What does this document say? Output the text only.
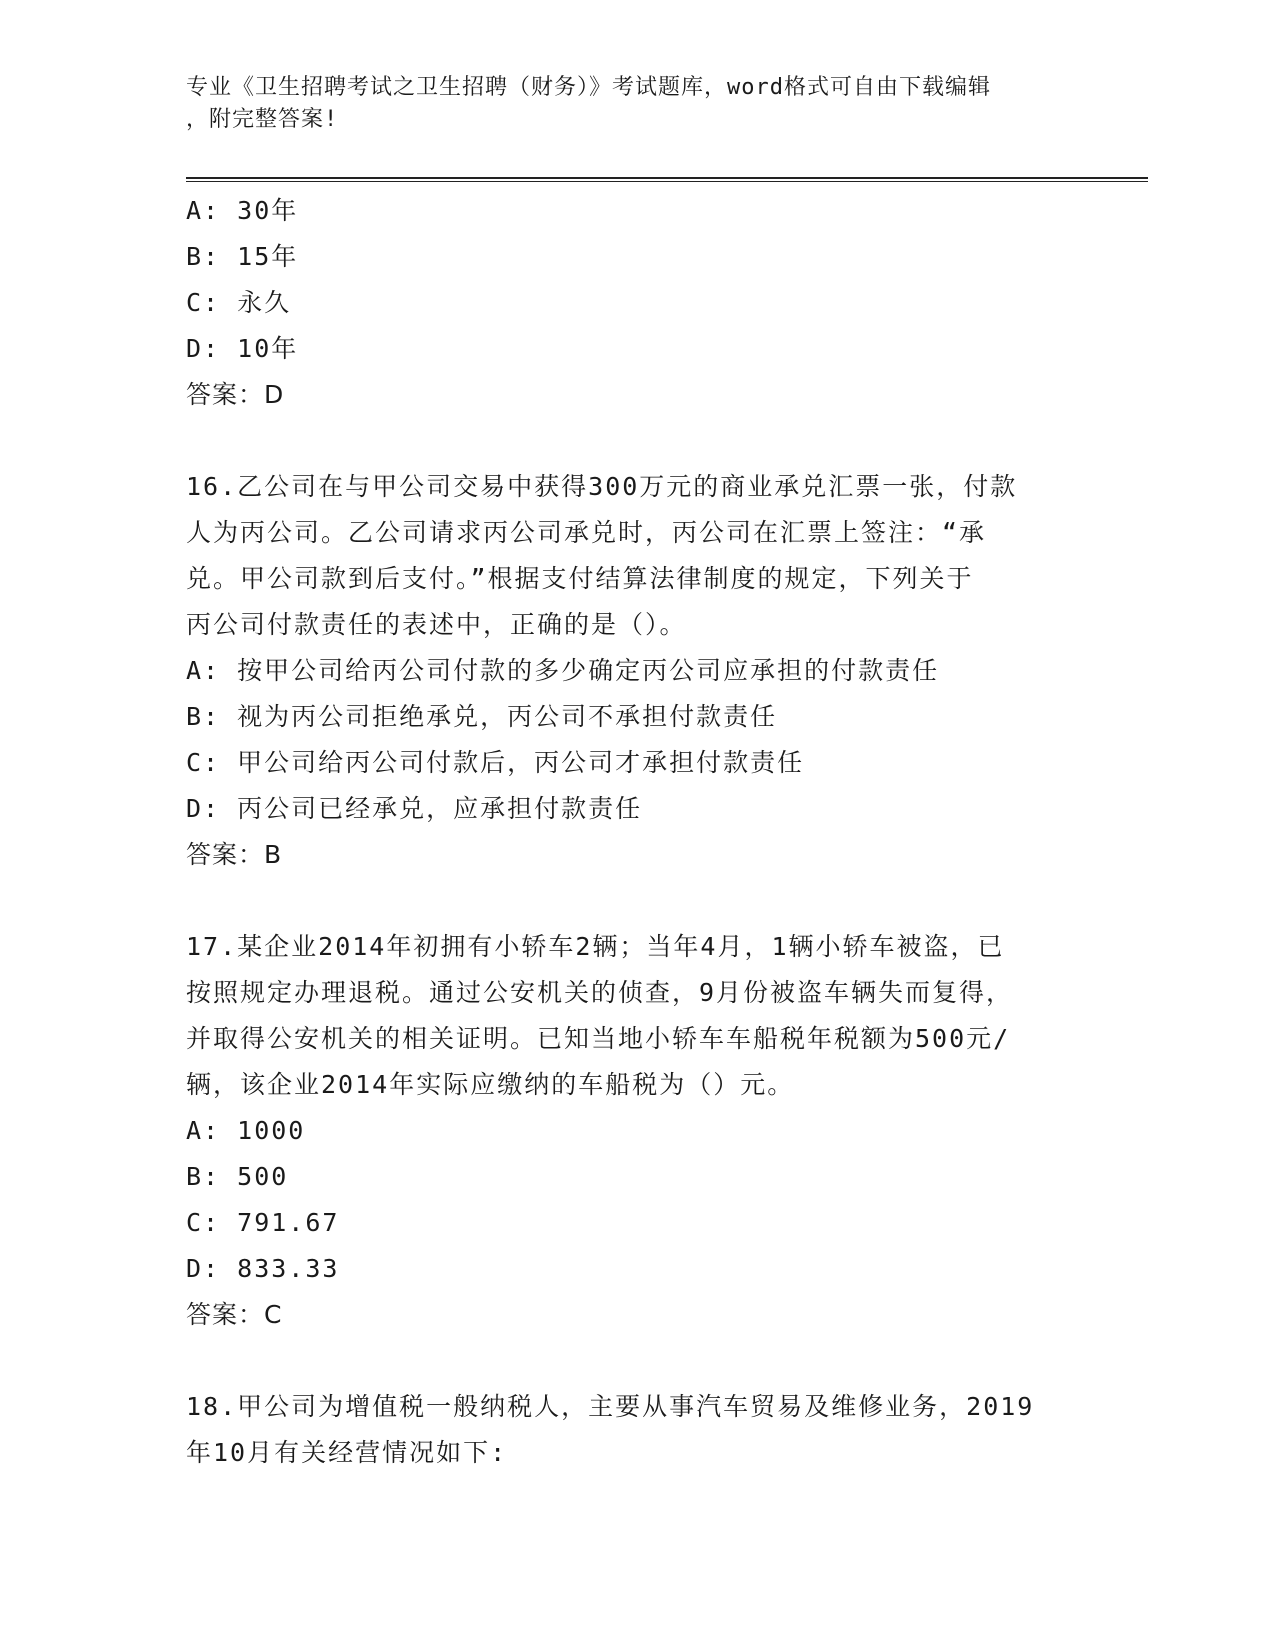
专业《卫生招聘考试之卫生招聘（财务）》考试题库，word格式可自由下载编辑
，附完整答案!
A: 30年
B: 15年
C: 永久
D: 10年
答案：D
16.乙公司在与甲公司交易中获得300万元的商业承兑汇票一张，付款
人为丙公司。乙公司请求丙公司承兑时，丙公司在汇票上签注：“承
兑。甲公司款到后支付。”根据支付结算法律制度的规定，下列关于
丙公司付款责任的表述中，正确的是（）。
A: 按甲公司给丙公司付款的多少确定丙公司应承担的付款责任
B: 视为丙公司拒绝承兑，丙公司不承担付款责任
C: 甲公司给丙公司付款后，丙公司才承担付款责任
D: 丙公司已经承兑，应承担付款责任
答案：B
17.某企业2014年初拥有小轿车2辆；当年4月，1辆小轿车被盗，已
按照规定办理退税。通过公安机关的侦查，9月份被盗车辆失而复得，
并取得公安机关的相关证明。已知当地小轿车车船税年税额为500元/
辆，该企业2014年实际应缴纳的车船税为（）元。
A: 1000
B: 500
C: 791.67
D: 833.33
答案：C
18.甲公司为增值税一般纳税人，主要从事汽车贸易及维修业务，2019
年10月有关经营情况如下:
